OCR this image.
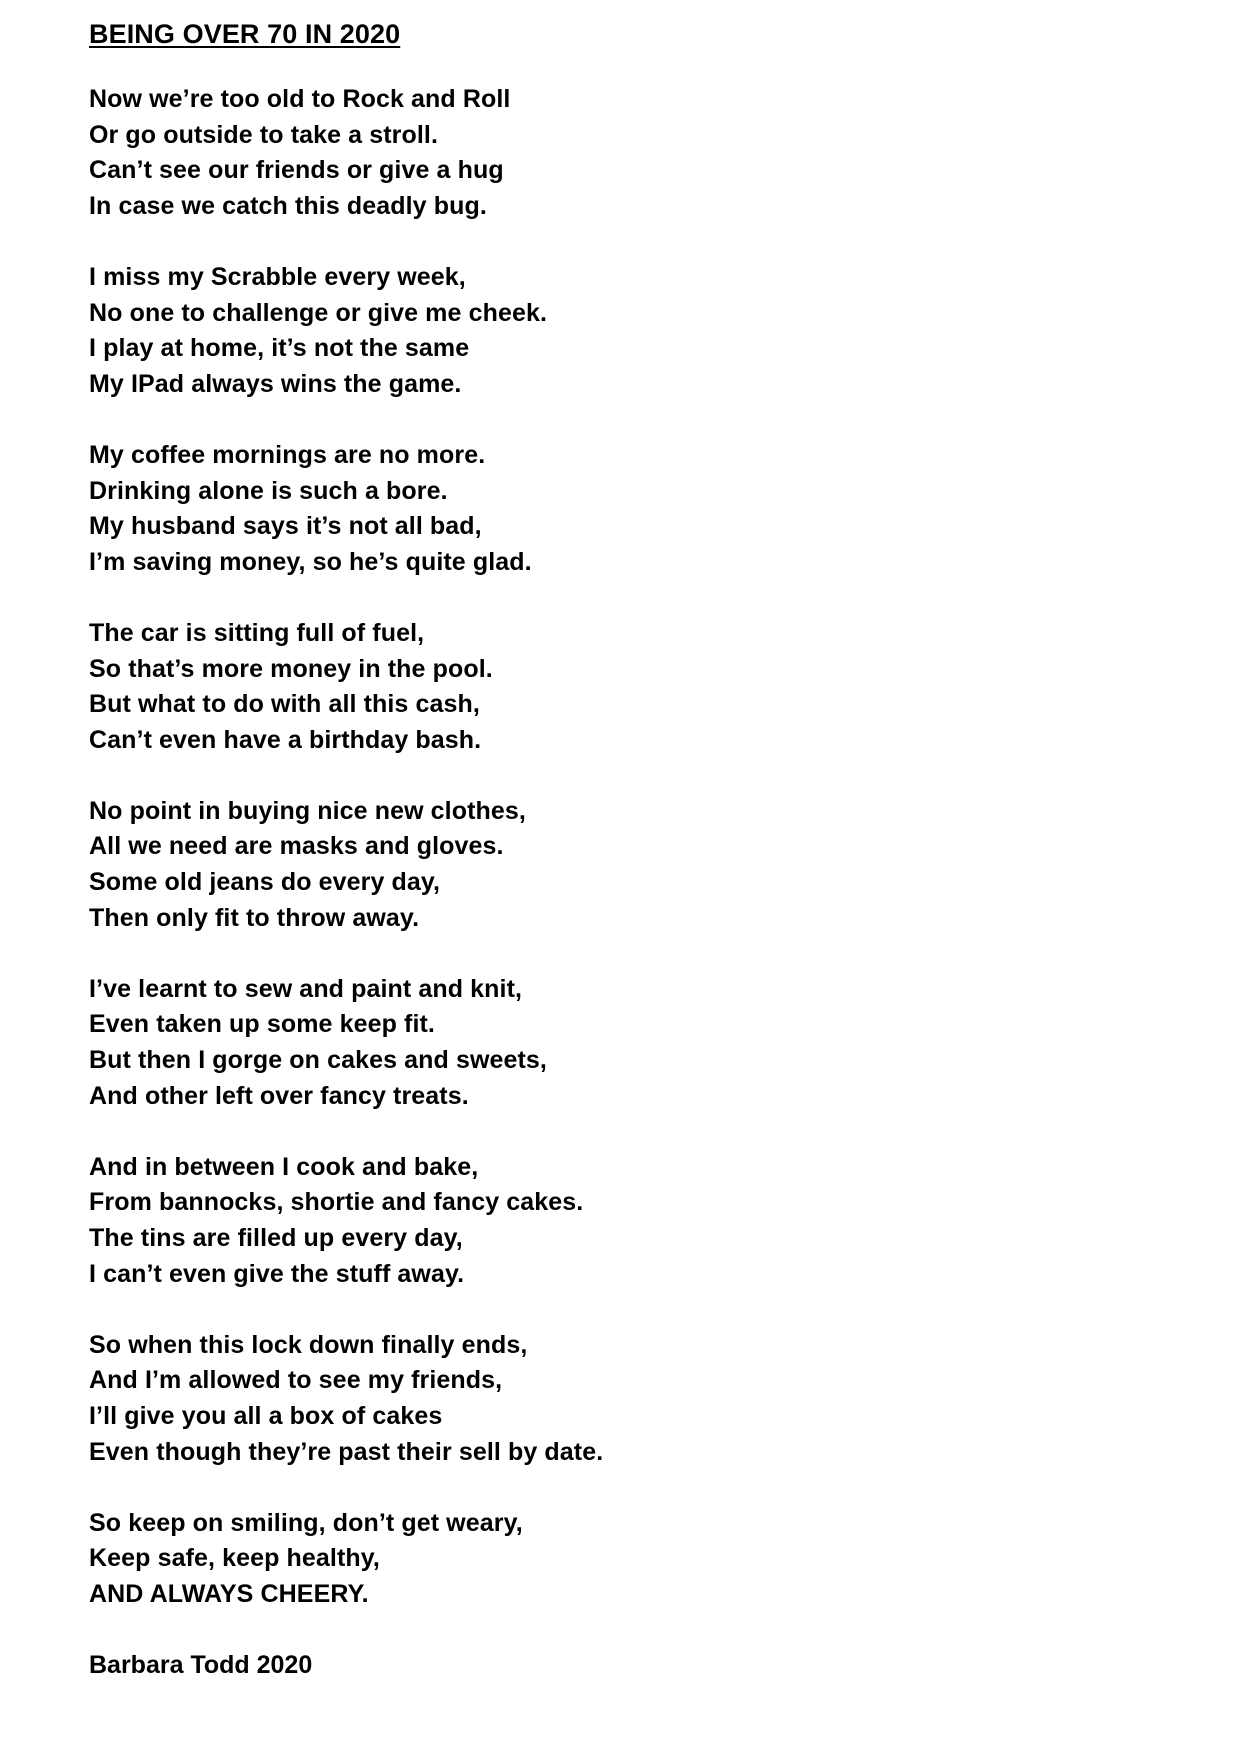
BEING OVER 70 IN 2020
Now we’re too old to Rock and Roll
Or go outside to take a stroll.
Can’t see our friends or give a hug
In case we catch this deadly bug.
I miss my Scrabble every week,
No one to challenge or give me cheek.
I play at home, it’s not the same
My IPad always wins the game.
My coffee mornings are no more.
Drinking alone is such a bore.
My husband says it’s not all bad,
I’m saving money, so he’s quite glad.
The car is sitting full of fuel,
So that’s more money in the pool.
But what to do with all this cash,
Can’t even have a birthday bash.
No point in buying nice new clothes,
All we need are masks and gloves.
Some old jeans do every day,
Then only fit to throw away.
I’ve learnt to sew and paint and knit,
Even taken up some keep fit.
But then I gorge on cakes and sweets,
And other left over fancy treats.
And in between I cook and bake,
From bannocks, shortie and fancy cakes.
The tins are filled up every day,
I can’t even give the stuff away.
So when this lock down finally ends,
And I’m allowed to see my friends,
I’ll give you all a box of cakes
Even though they’re past their sell by date.
So keep on smiling, don’t get weary,
Keep safe, keep healthy,
AND ALWAYS CHEERY.

Barbara Todd 2020
